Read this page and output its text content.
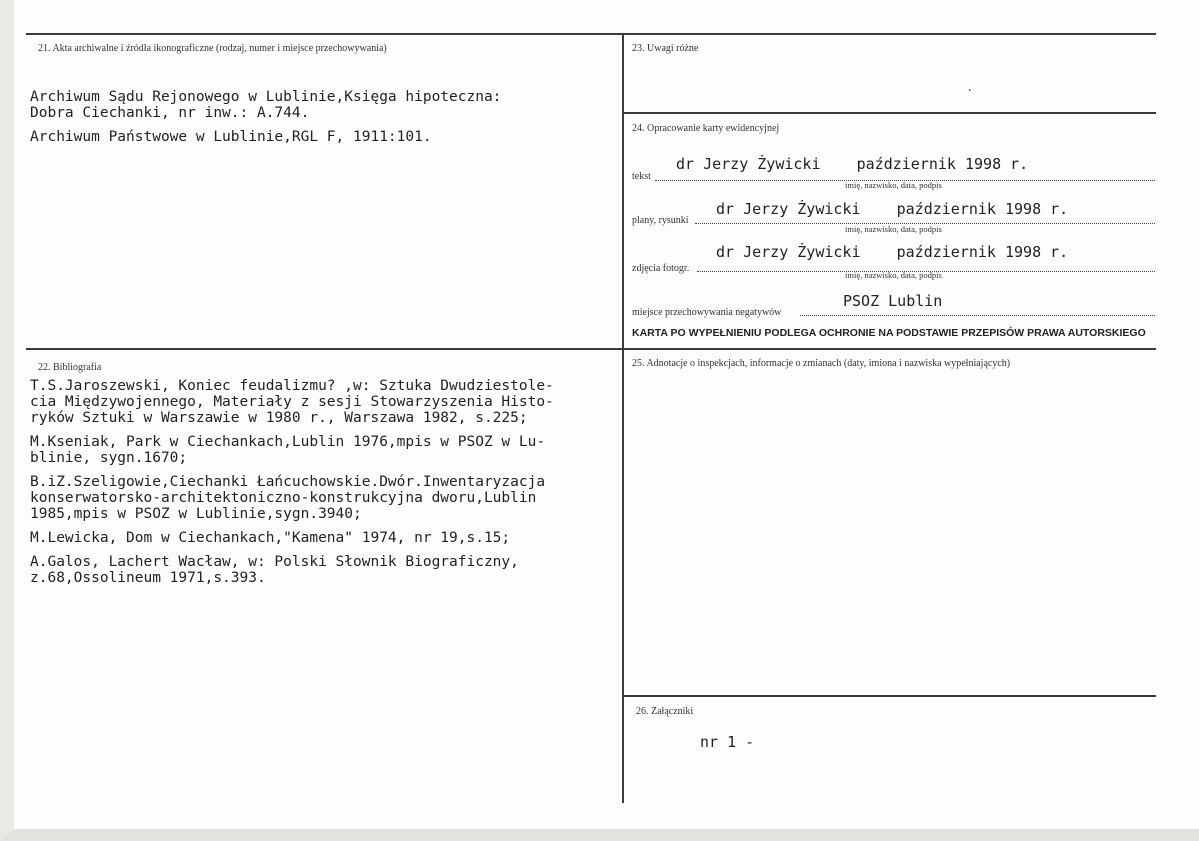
21. Akta archiwalne i źródła ikonograficzne (rodzaj, numer i miejsce przechowywania)
Archiwum Sądu Rejonowego w Lublinie,Księga hipoteczna:
Dobra Ciechanki, nr inw.: A.744.
Archiwum Państwowe w Lublinie,RGL F, 1911:101.
22. Bibliografia
T.S.Jaroszewski, Koniec feudalizmu? ,w: Sztuka Dwudziestole-
cia Międzywojennego, Materiały z sesji Stowarzyszenia Histo-
ryków Sztuki w Warszawie w 1980 r., Warszawa 1982, s.225;
M.Kseniak, Park w Ciechankach,Lublin 1976,mpis w PSOZ w Lu-
blinie, sygn.1670;
B.iZ.Szeligowie,Ciechanki Łańcuchowskie.Dwór.Inwentaryzacja
konserwatorsko-architektoniczno-konstrukcyjna dworu,Lublin
1985,mpis w PSOZ w Lublinie,sygn.3940;
M.Lewicka, Dom w Ciechankach,"Kamena" 1974, nr 19,s.15;
A.Galos, Lachert Wacław, w: Polski Słownik Biograficzny,
z.68,Ossolineum 1971,s.393.
23. Uwagi różne
.
24. Opracowanie karty ewidencyjnej
dr Jerzy Żywicki    październik 1998 r.
tekst
imię, nazwisko, data, podpis
dr Jerzy Żywicki    październik 1998 r.
plany, rysunki
imię, nazwisko, data, podpis
dr Jerzy Żywicki    październik 1998 r.
zdjęcia fotogr.
imię, nazwisko, data, podpis
PSOZ Lublin
miejsce przechowywania negatywów
KARTA PO WYPEŁNIENIU PODLEGA OCHRONIE NA PODSTAWIE PRZEPISÓW PRAWA AUTORSKIEGO
25. Adnotacje o inspekcjach, informacje o zmianach (daty, imiona i nazwiska wypełniających)
26. Załączniki
nr 1 -
